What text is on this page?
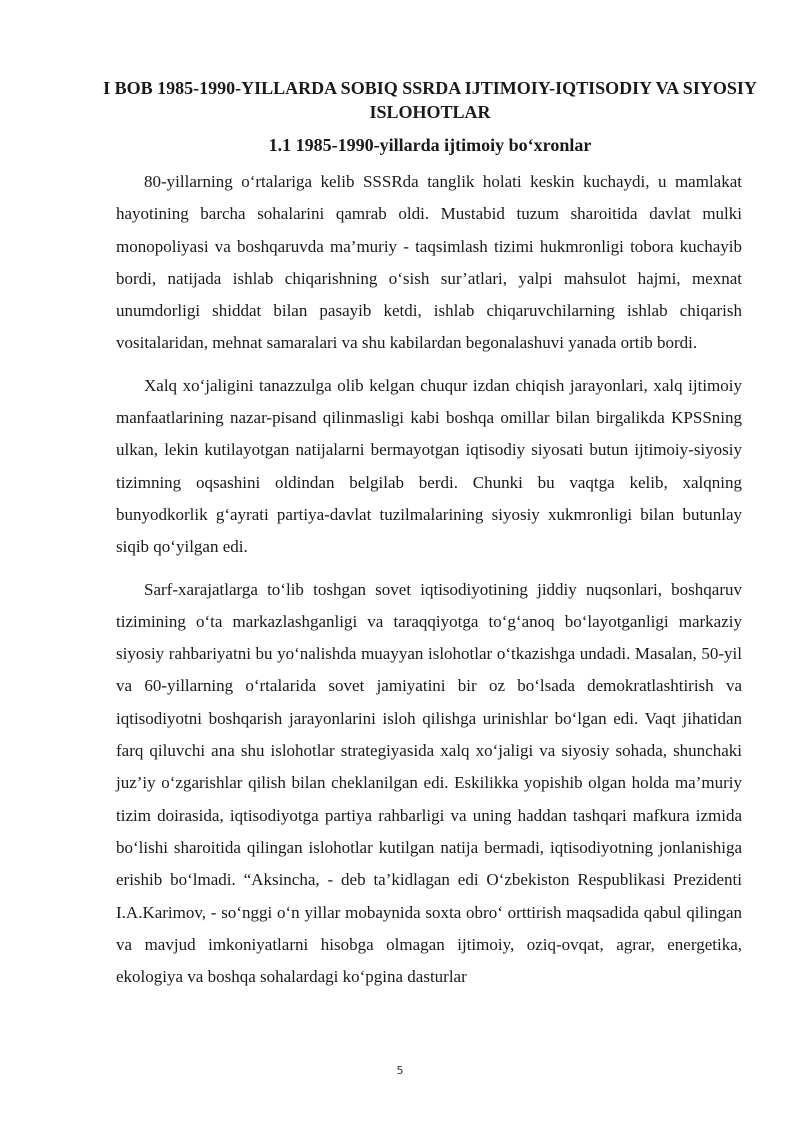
I BOB 1985-1990-YILLARDA SOBIQ SSRDA IJTIMOIY-IQTISODIY VA SIYOSIY ISLOHOTLAR
1.1 1985-1990-yillarda ijtimoiy bo‘xronlar

80-yillarning o‘rtalariga kelib SSSRda tanglik holati keskin kuchaydi, u mamlakat hayotining barcha sohalarini qamrab oldi. Mustabid tuzum sharoitida davlat mulki monopoliyasi va boshqaruvda ma’muriy - taqsimlash tizimi hukmronligi tobora kuchayib bordi, natijada ishlab chiqarishning o‘sish sur’atlari, yalpi mahsulot hajmi, mexnat unumdorligi shiddat bilan pasayib ketdi, ishlab chiqaruvchilarning ishlab chiqarish vositalaridan, mehnat samaralari va shu kabilardan begonalashuvi yanada ortib bordi.

Xalq xo‘jaligini tanazzulga olib kelgan chuqur izdan chiqish jarayonlari, xalq ijtimoiy manfaatlarining nazar-pisand qilinmasligi kabi boshqa omillar bilan birgalikda KPSSning ulkan, lekin kutilayotgan natijalarni bermayotgan iqtisodiy siyosati butun ijtimoiy-siyosiy tizimning oqsashini oldindan belgilab berdi. Chunki bu vaqtga kelib, xalqning bunyodkorlik g‘ayrati partiya-davlat tuzilmalarining siyosiy xukmronligi bilan butunlay siqib qo‘yilgan edi.

Sarf-xarajatlarga to‘lib toshgan sovet iqtisodiyotining jiddiy nuqsonlari, boshqaruv tizimining o‘ta markazlashganligi va taraqqiyotga to‘g‘anoq bo‘layotganligi markaziy siyosiy rahbariyatni bu yo‘nalishda muayyan islohotlar o‘tkazishga undadi. Masalan, 50-yil va 60-yillarning o‘rtalarida sovet jamiyatini bir oz bo‘lsada demokratlashtirish va iqtisodiyotni boshqarish jarayonlarini isloh qilishga urinishlar bo‘lgan edi. Vaqt jihatidan farq qiluvchi ana shu islohotlar strategiyasida xalq xo‘jaligi va siyosiy sohada, shunchaki juz’iy o‘zgarishlar qilish bilan cheklanilgan edi. Eskilikka yopishib olgan holda ma’muriy tizim doirasida, iqtisodiyotga partiya rahbarligi va uning haddan tashqari mafkura izmida bo‘lishi sharoitida qilingan islohotlar kutilgan natija bermadi, iqtisodiyotning jonlanishiga erishib bo‘lmadi. “Aksincha, - deb ta’kidlagan edi O‘zbekiston Respublikasi Prezidenti I.A.Karimov, - so‘nggi o‘n yillar mobaynida soxta obro‘ orttirish maqsadida qabul qilingan va mavjud imkoniyatlarni hisobga olmagan ijtimoiy, oziq-ovqat, agrar, energetika, ekologiya va boshqa sohalardagi ko‘pgina dasturlar

5
